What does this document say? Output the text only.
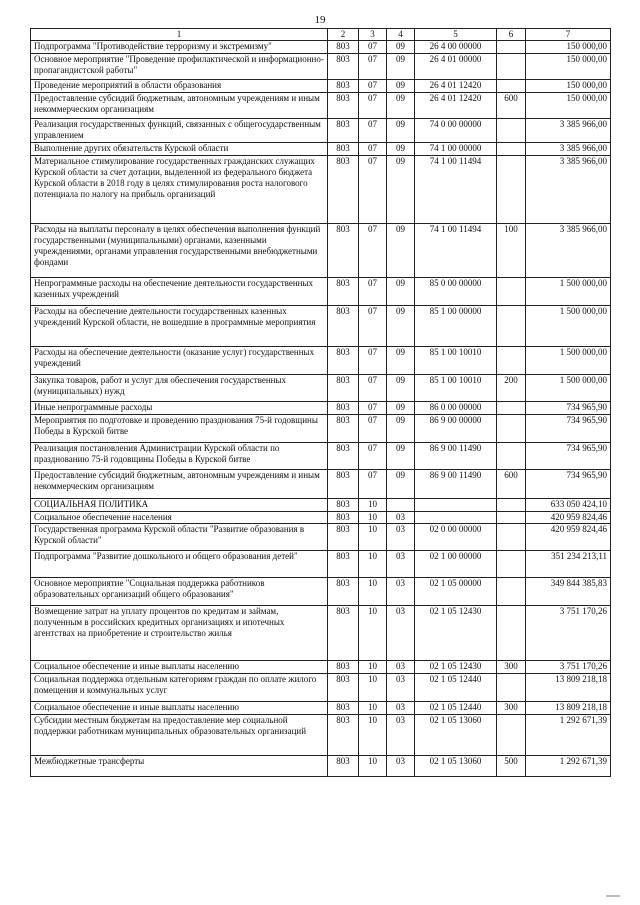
19
1	2	3	4	5	6	7
Подпрограмма "Противодействие терроризму и экстремизму"	803	07	09	26 4 00 00000		150 000,00
Основное мероприятие "Проведение профилактической и информационно-пропагандистской работы"	803	07	09	26 4 01 00000		150 000,00
Проведение мероприятий в области образования	803	07	09	26 4 01 12420		150 000,00
Предоставление субсидий бюджетным, автономным учреждениям и иным некоммерческим организациям	803	07	09	26 4 01 12420	600	150 000,00
Реализация государственных функций, связанных с общегосударственным управлением	803	07	09	74 0 00 00000		3 385 966,00
Выполнение других обязательств Курской области	803	07	09	74 1 00 00000		3 385 966,00
Материальное стимулирование государственных гражданских служащих Курской области за счет дотации, выделенной из федерального бюджета Курской области в 2018 году в целях стимулирования роста налогового потенциала по налогу на прибыль организаций	803	07	09	74 1 00 11494		3 385 966,00
Расходы на выплаты персоналу в целях обеспечения выполнения функций государственными (муниципальными) органами, казенными учреждениями, органами управления государственными внебюджетными фондами	803	07	09	74 1 00 11494	100	3 385 966,00
Непрограммные расходы на обеспечение деятельности государственных казенных учреждений	803	07	09	85 0 00 00000		1 500 000,00
Расходы на обеспечение деятельности государственных казенных учреждений Курской области, не вошедшие в программные мероприятия	803	07	09	85 1 00 00000		1 500 000,00
Расходы на обеспечение деятельности (оказание услуг) государственных учреждений	803	07	09	85 1 00 10010		1 500 000,00
Закупка товаров, работ и услуг для обеспечения государственных (муниципальных) нужд	803	07	09	85 1 00 10010	200	1 500 000,00
Иные непрограммные расходы	803	07	09	86 0 00 00000		734 965,90
Мероприятия по подготовке и проведению празднования 75-й годовщины Победы в Курской битве	803	07	09	86 9 00 00000		734 965,90
Реализация постановления Администрации Курской области по празднованию 75-й годовщины Победы в Курской битве	803	07	09	86 9 00 11490		734 965,90
Предоставление субсидий бюджетным, автономным учреждениям и иным некоммерческим организациям	803	07	09	86 9 00 11490	600	734 965,90
СОЦИАЛЬНАЯ ПОЛИТИКА	803	10				633 050 424,10
Социальное обеспечение населения	803	10	03			420 959 824,46
Государственная программа Курской области "Развитие образования в Курской области"	803	10	03	02 0 00 00000		420 959 824,46
Подпрограмма "Развитие дошкольного и общего образования детей"	803	10	03	02 1 00 00000		351 234 213,11
Основное мероприятие "Социальная поддержка работников образовательных организаций общего образования"	803	10	03	02 1 05 00000		349 844 385,83
Возмещение затрат на уплату процентов по кредитам и займам, полученным в российских кредитных организациях и ипотечных агентствах на приобретение и строительство жилья	803	10	03	02 1 05 12430		3 751 170,26
Социальное обеспечение и иные выплаты населению	803	10	03	02 1 05 12430	300	3 751 170,26
Социальная поддержка отдельным категориям граждан по оплате жилого помещения и коммунальных услуг	803	10	03	02 1 05 12440		13 809 218,18
Социальное обеспечение и иные выплаты населению	803	10	03	02 1 05 12440	300	13 809 218,18
Субсидии местным бюджетам на предоставление мер социальной поддержки работникам муниципальных образовательных организаций	803	10	03	02 1 05 13060		1 292 671,39
Межбюджетные трансферты	803	10	03	02 1 05 13060	500	1 292 671,39
